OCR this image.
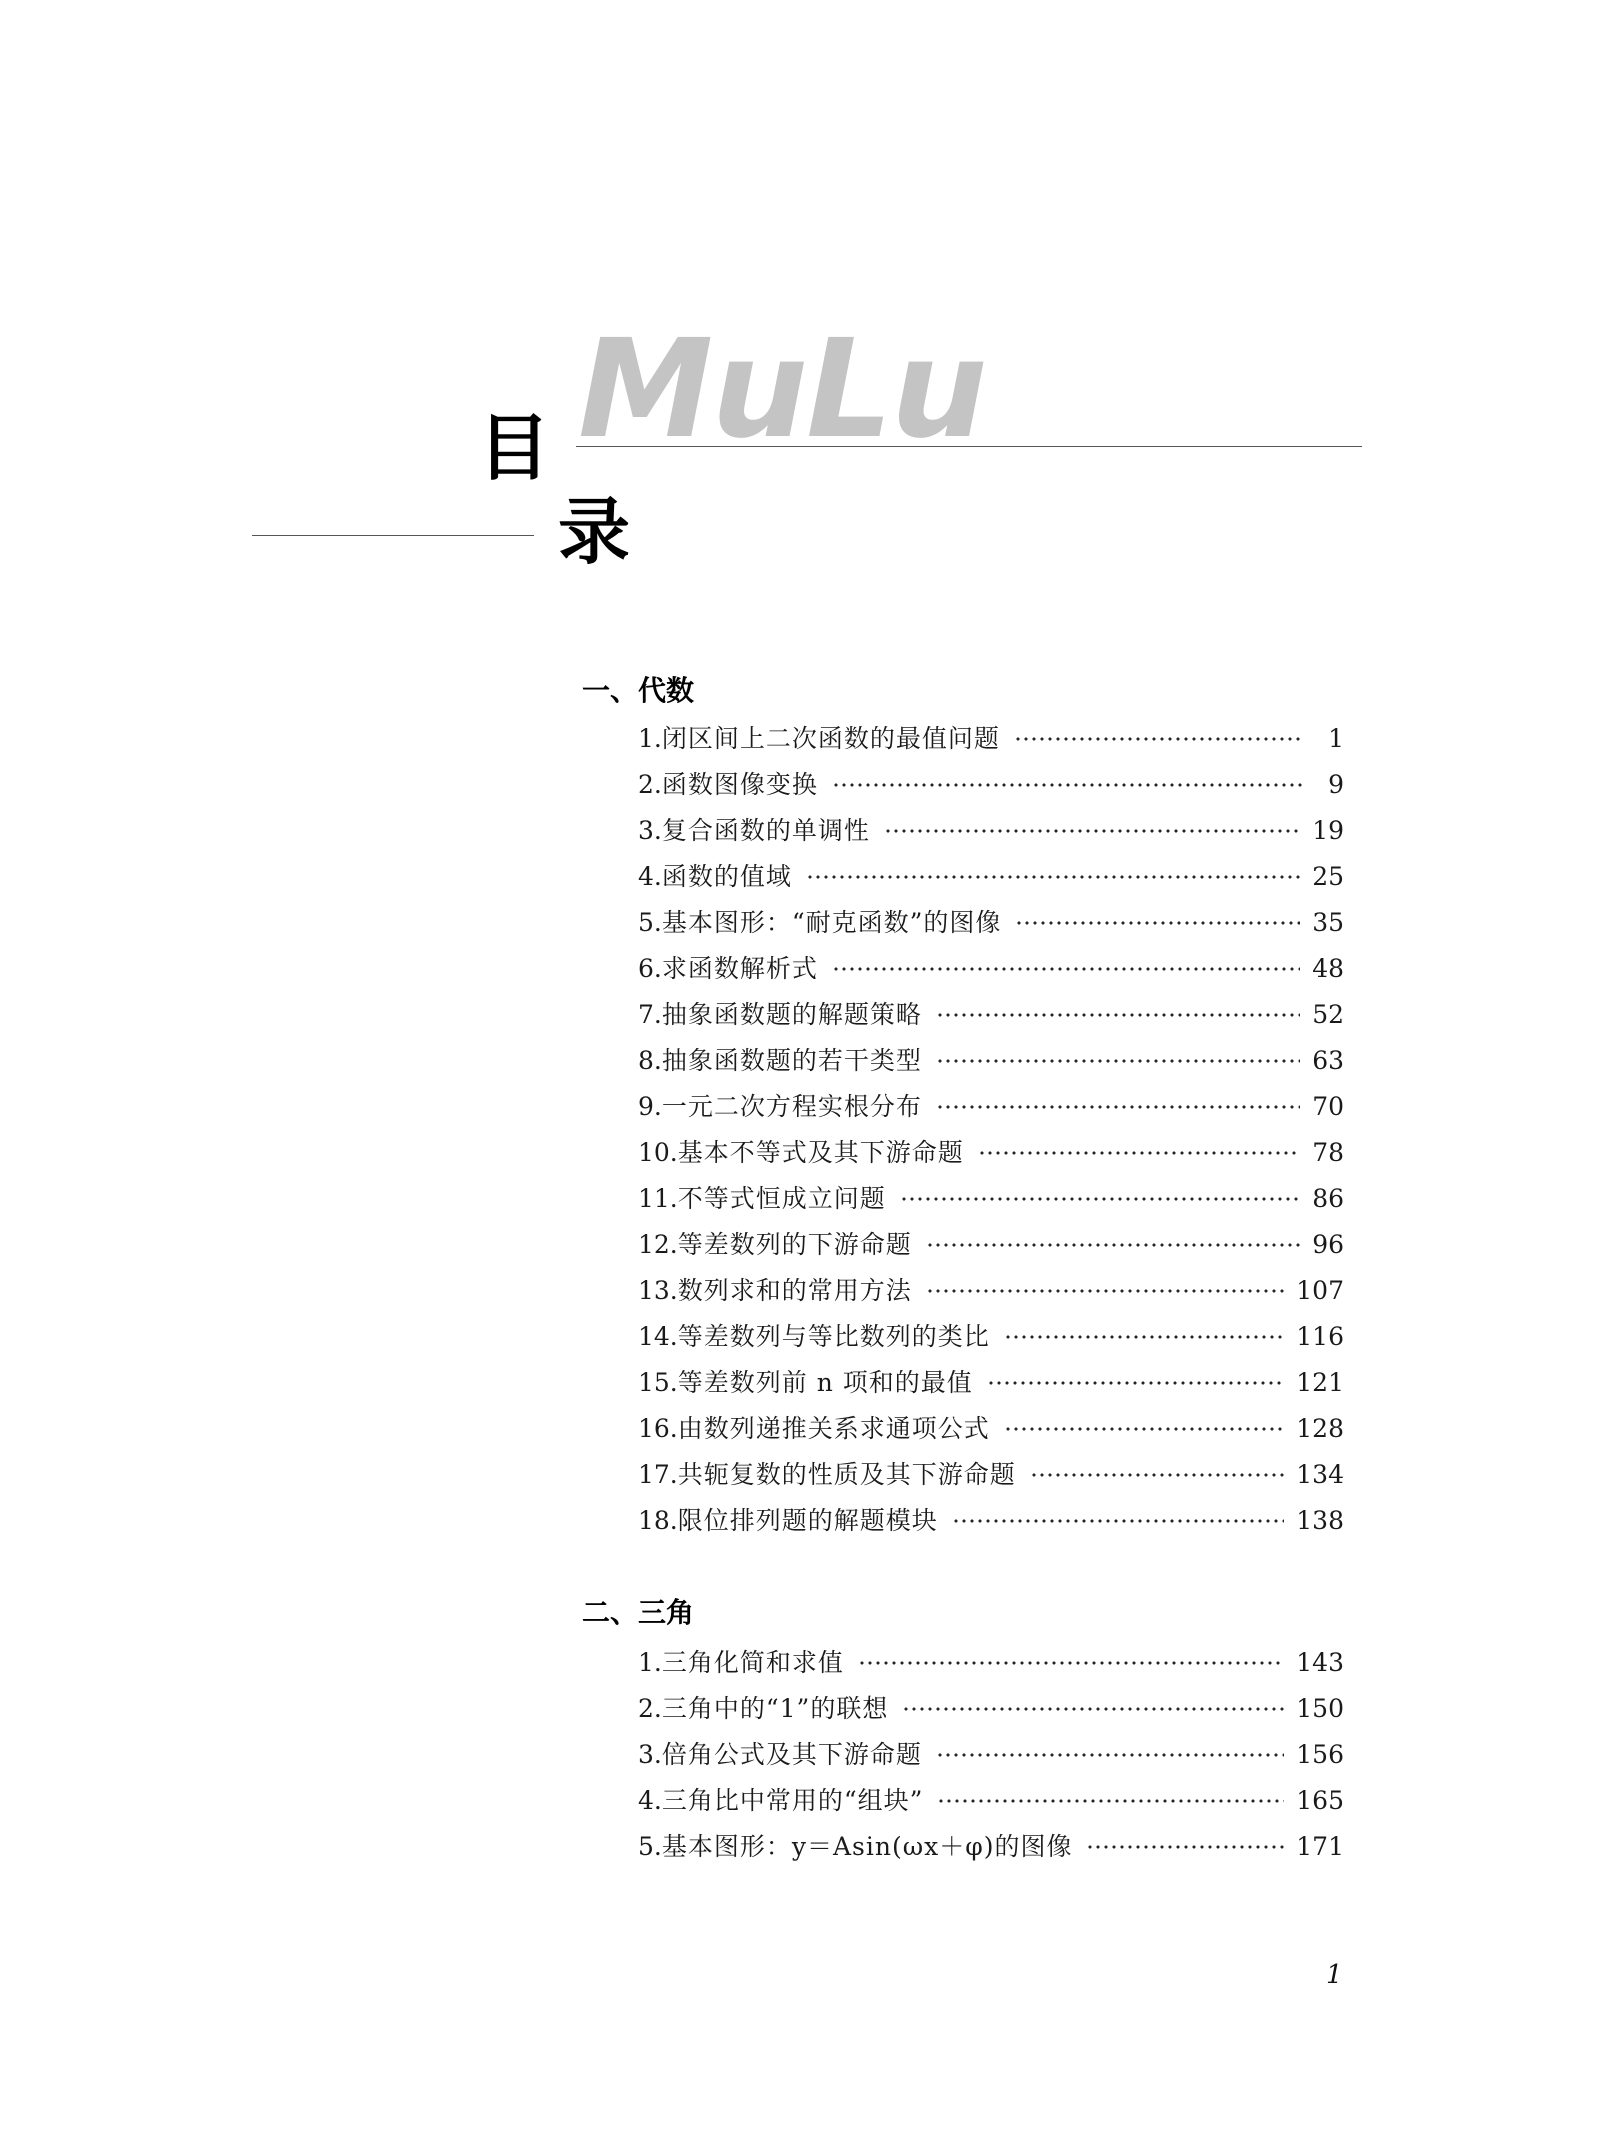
MuLu
目
录
一、代数
1. 闭区间上二次函数的最值问题	1
2. 函数图像变换	9
3. 复合函数的单调性	19
4. 函数的值域	25
5. 基本图形：“耐克函数”的图像	35
6. 求函数解析式	48
7. 抽象函数题的解题策略	52
8. 抽象函数题的若干类型	63
9. 一元二次方程实根分布	70
10. 基本不等式及其下游命题	78
11. 不等式恒成立问题	86
12. 等差数列的下游命题	96
13. 数列求和的常用方法	107
14. 等差数列与等比数列的类比	116
15. 等差数列前 n 项和的最值	121
16. 由数列递推关系求通项公式	128
17. 共轭复数的性质及其下游命题	134
18. 限位排列题的解题模块	138
二、三角
1. 三角化简和求值	143
2. 三角中的“1”的联想	150
3. 倍角公式及其下游命题	156
4. 三角比中常用的“组块”	165
5. 基本图形：y＝Asin(ωx＋φ)的图像	171
1
